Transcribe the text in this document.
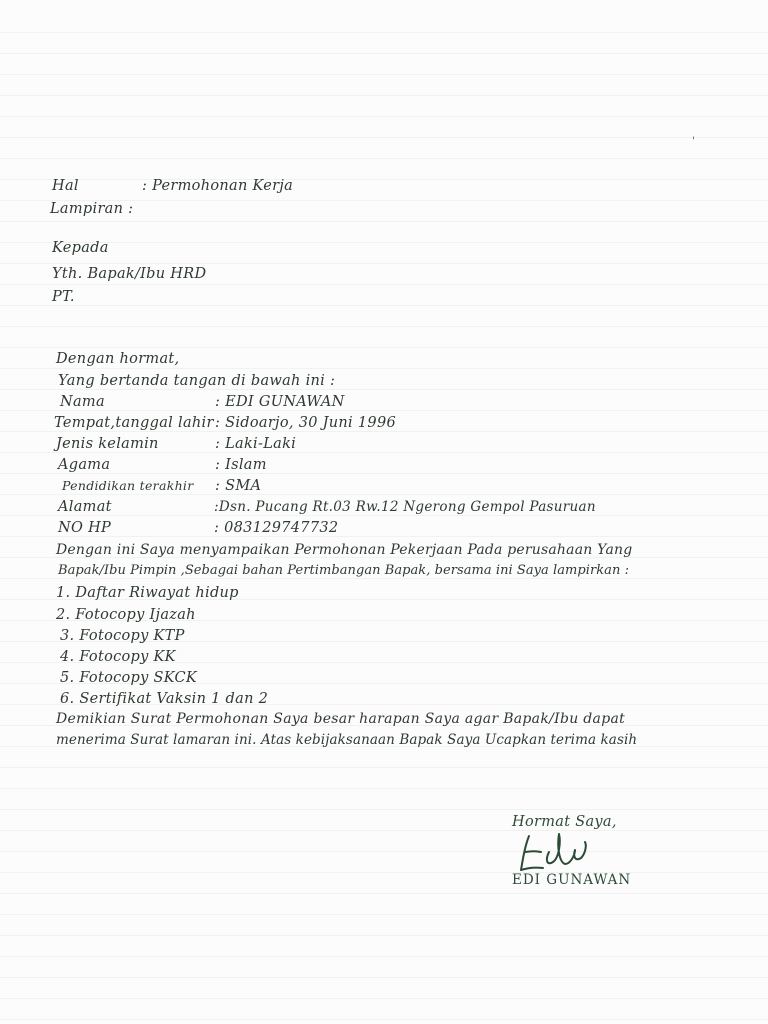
'
Hal	: Permohonan Kerja
Lampiran :
Kepada
Yth. Bapak/Ibu HRD
PT.
Dengan hormat,
Yang bertanda tangan di bawah ini :
Nama	: EDI GUNAWAN
Tempat,tanggal lahir : Sidoarjo, 30 Juni 1996
Jenis kelamin	: Laki-Laki
Agama	: Islam
Pendidikan terakhir : SMA
Alamat	:Dsn. Pucang Rt.03 Rw.12 Ngerong Gempol Pasuruan
NO HP	: 083129747732
Dengan ini Saya menyampaikan Permohonan Pekerjaan Pada perusahaan Yang
Bapak/Ibu Pimpin ,Sebagai bahan Pertimbangan Bapak, bersama ini Saya lampirkan :
1. Daftar Riwayat hidup
2. Fotocopy Ijazah
3. Fotocopy KTP
4. Fotocopy KK
5. Fotocopy SKCK
6. Sertifikat Vaksin 1 dan 2
Demikian Surat Permohonan Saya besar harapan Saya agar Bapak/Ibu dapat
menerima Surat lamaran ini. Atas kebijaksanaan Bapak Saya Ucapkan terima kasih
Hormat Saya,
EDI GUNAWAN
